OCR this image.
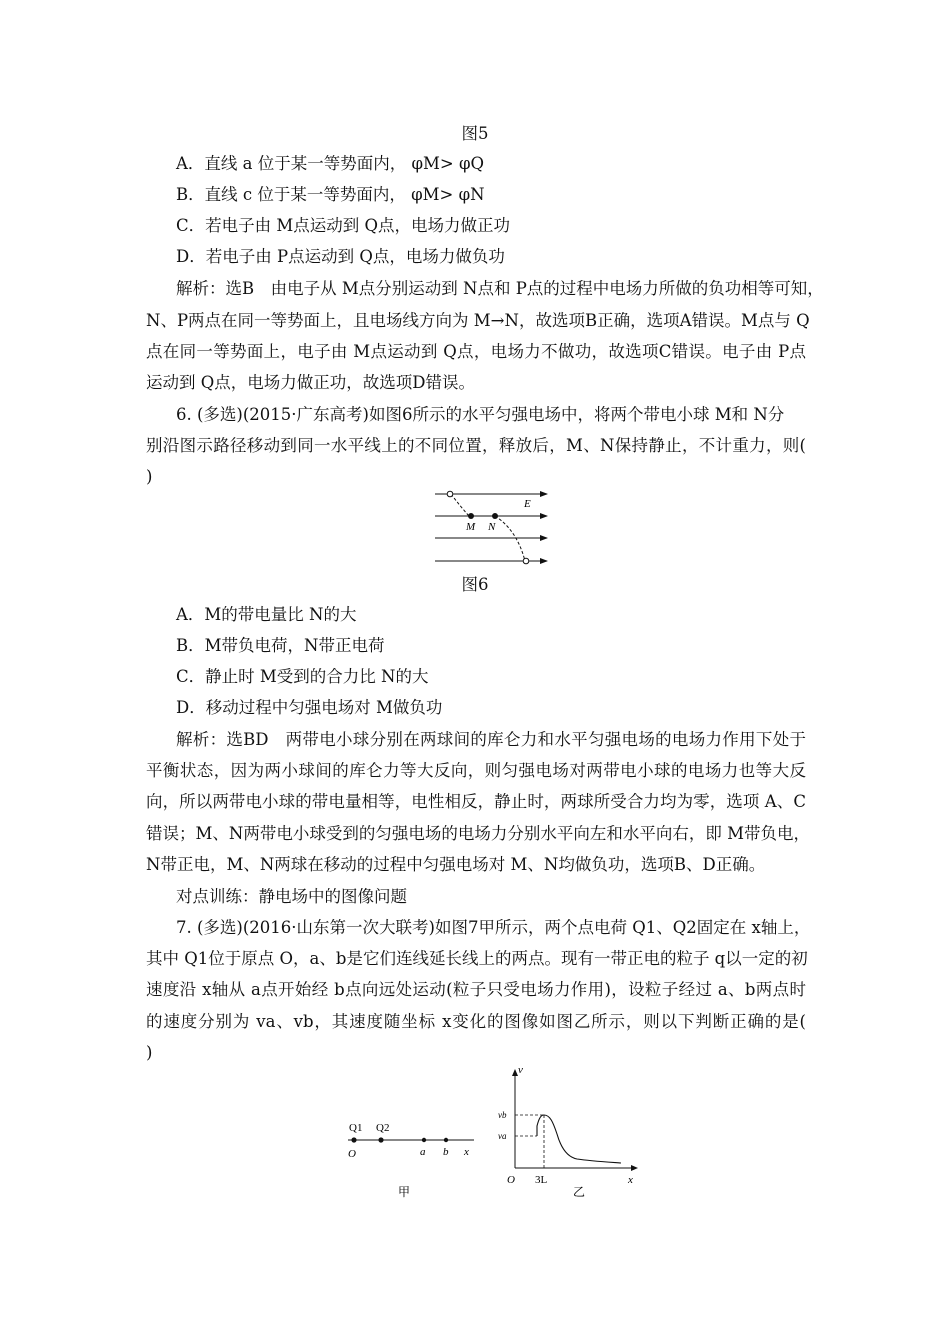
图5
A．直线 a 位于某一等势面内， φM> φQ
B．直线 c 位于某一等势面内， φM> φN
C．若电子由 M点运动到 Q点，电场力做正功
D．若电子由 P点运动到 Q点，电场力做负功
解析：选B　由电子从 M点分别运动到 N点和 P点的过程中电场力所做的负功相等可知，
N、P两点在同一等势面上，且电场线方向为 M→N，故选项B正确，选项A错误。M点与 Q
点在同一等势面上，电子由 M点运动到 Q点，电场力不做功，故选项C错误。电子由 P点
运动到 Q点，电场力做正功，故选项D错误。
6. (多选)(2015·广东高考)如图6所示的水平匀强电场中，将两个带电小球 M和 N分
别沿图示路径移动到同一水平线上的不同位置，释放后，M、N保持静止，不计重力，则(
)
E
M N
图6
A．M的带电量比 N的大
B．M带负电荷，N带正电荷
C．静止时 M受到的合力比 N的大
D．移动过程中匀强电场对 M做负功
解析：选BD　两带电小球分别在两球间的库仑力和水平匀强电场的电场力作用下处于
平衡状态，因为两小球间的库仑力等大反向，则匀强电场对两带电小球的电场力也等大反
向，所以两带电小球的带电量相等，电性相反，静止时，两球所受合力均为零，选项 A、C
错误；M、N两带电小球受到的匀强电场的电场力分别水平向左和水平向右，即 M带负电，
N带正电，M、N两球在移动的过程中匀强电场对 M、N均做负功，选项B、D正确。
对点训练：静电场中的图像问题
7. (多选)(2016·山东第一次大联考)如图7甲所示，两个点电荷 Q1、Q2固定在 x轴上，
其中 Q1位于原点 O，a、b是它们连线延长线上的两点。现有一带正电的粒子 q以一定的初
速度沿 x轴从 a点开始经 b点向远处运动(粒子只受电场力作用)，设粒子经过 a、b两点时
的速度分别为 va、vb，其速度随坐标 x变化的图像如图乙所示，则以下判断正确的是(
)
Q1 Q2
O	a b x
甲
v
vb
va
O 3L	x
乙
